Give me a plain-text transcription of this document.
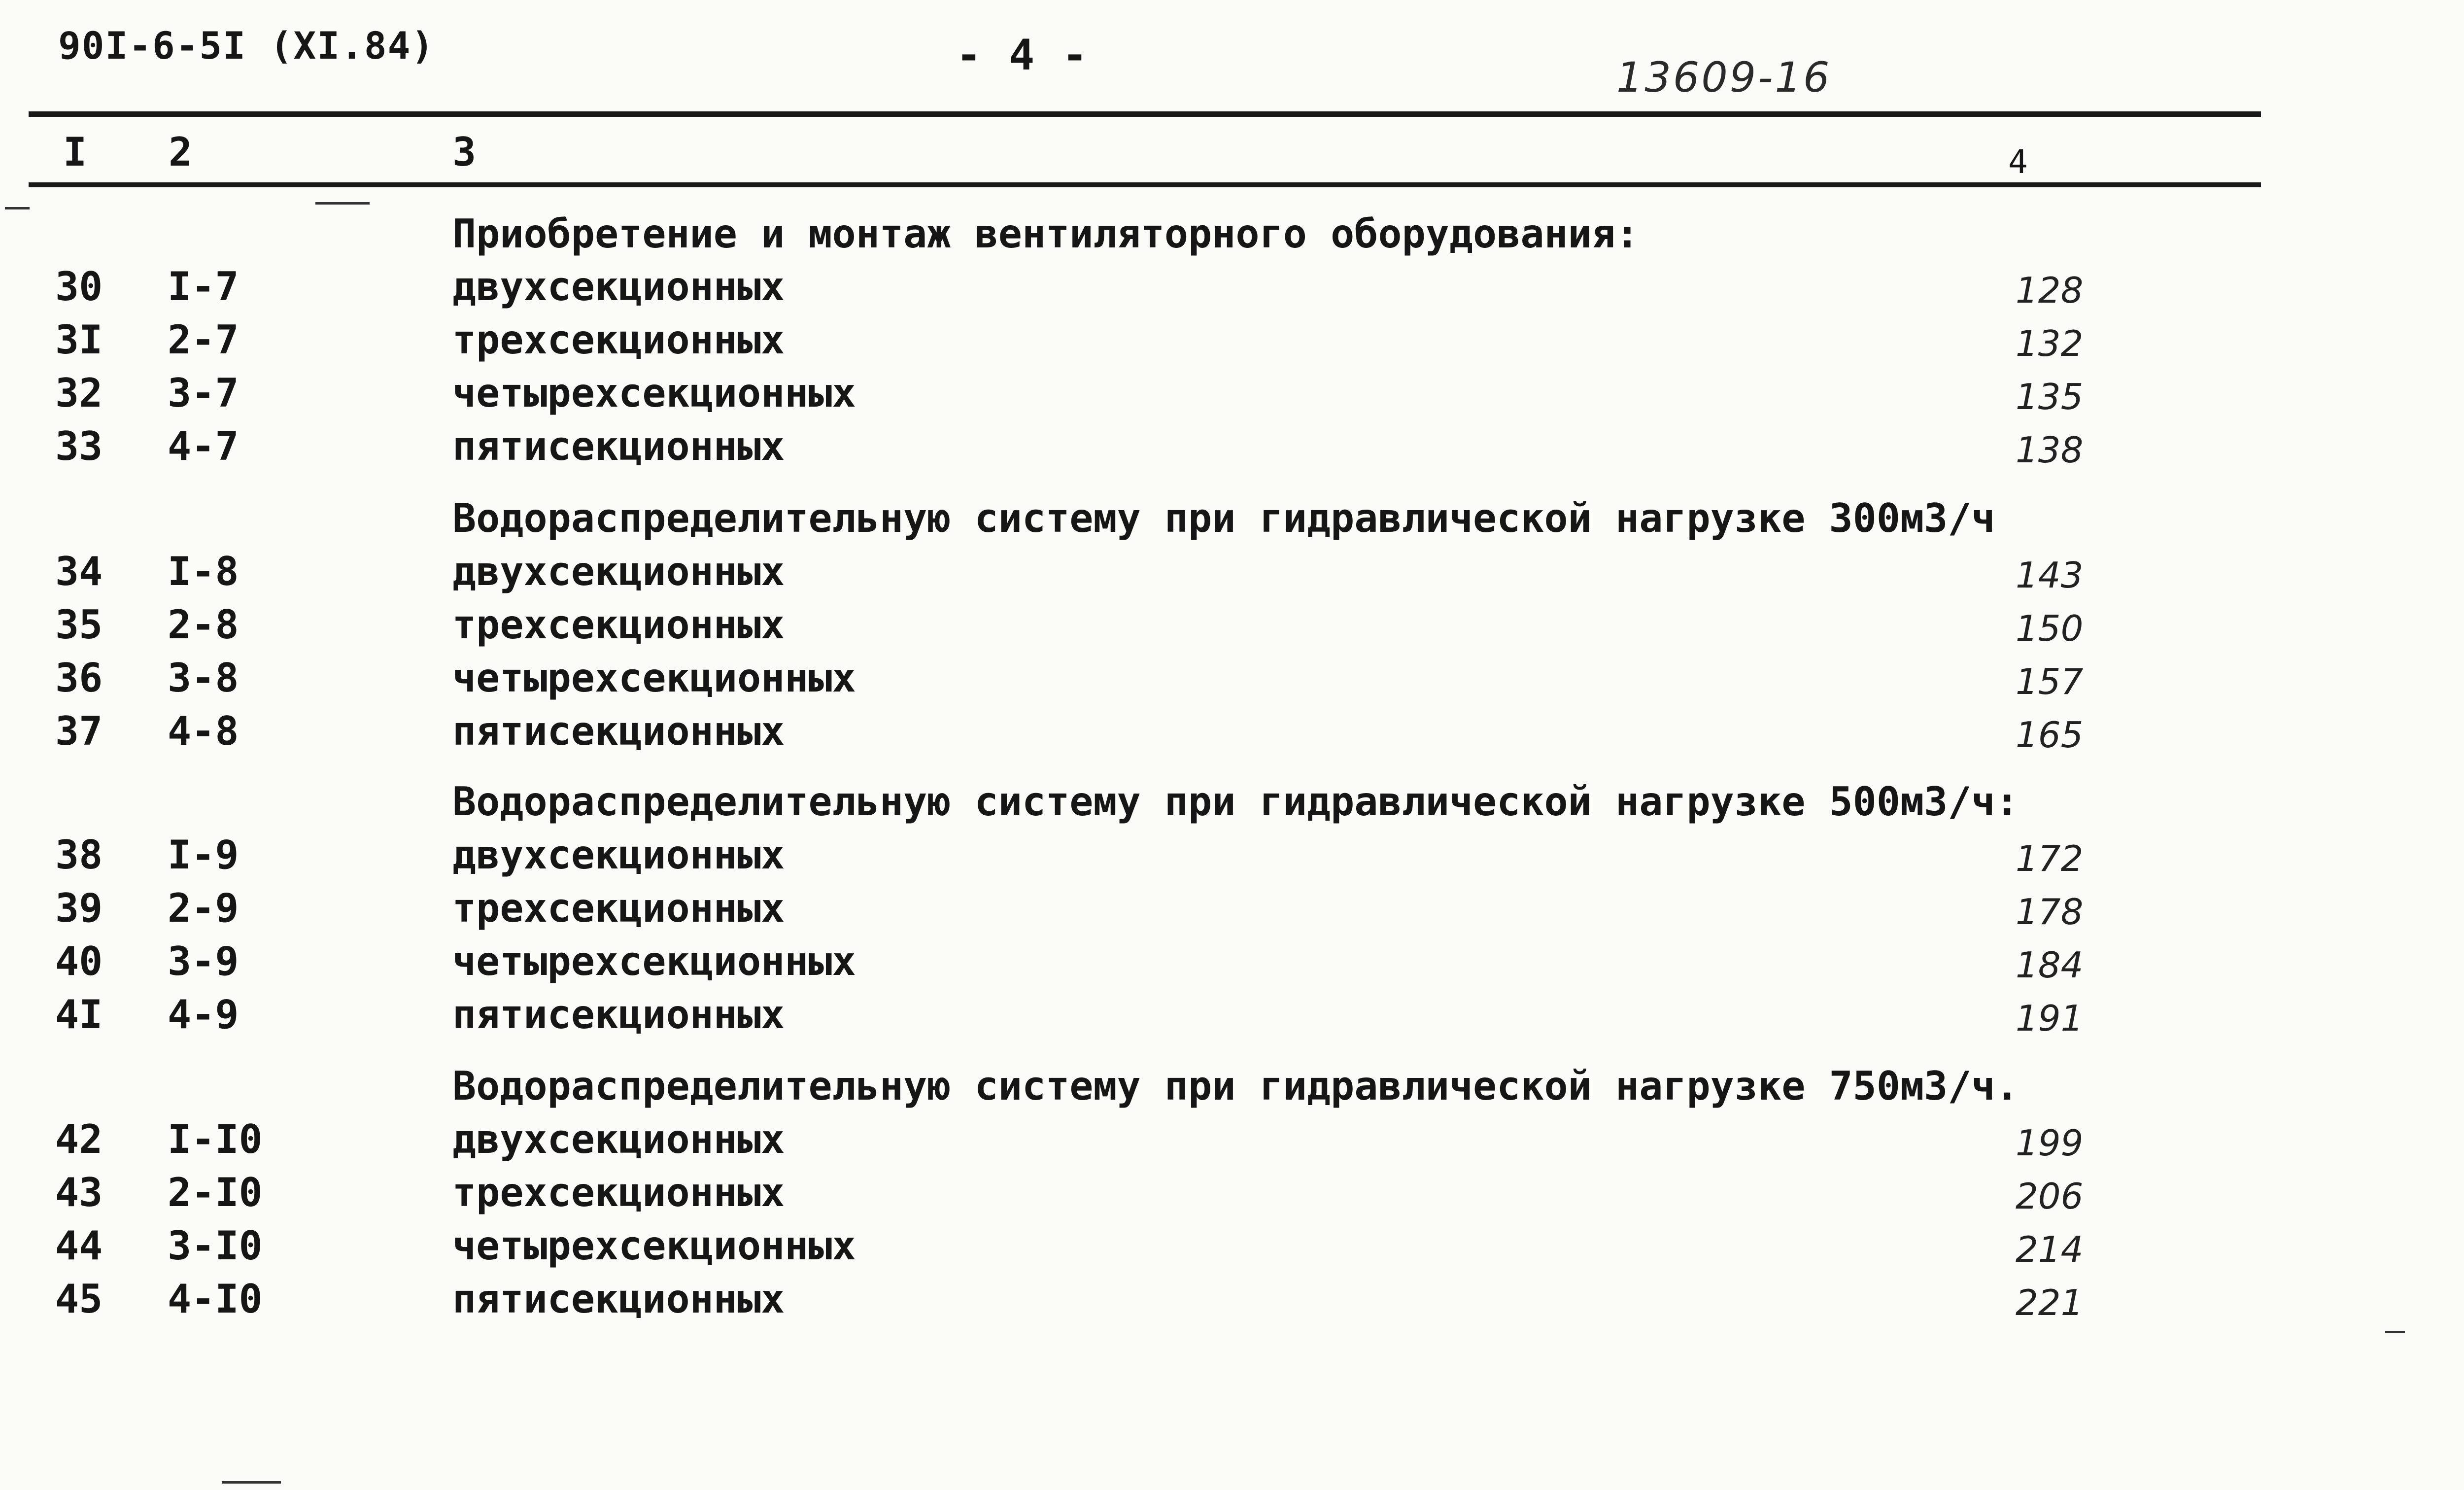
90I-6-5I (XI.84)	- 4 -	13609-16
I 2	3	4
Приобретение и монтаж вентиляторного оборудования:
30 I-7	двухсекционных	128
3I 2-7	трехсекционных	132
32 3-7	четырехсекционных	135
33 4-7	пятисекционных	138
Водораспределительную систему при гидравлической нагрузке 300м3/ч
34 I-8	двухсекционных	143
35 2-8	трехсекционных	150
36 3-8	четырехсекционных	157
37 4-8	пятисекционных	165
Водораспределительную систему при гидравлической нагрузке 500м3/ч:
38 I-9	двухсекционных	172
39 2-9	трехсекционных	178
40 3-9	четырехсекционных	184
4I 4-9	пятисекционных	191
Водораспределительную систему при гидравлической нагрузке 750м3/ч.
42 I-I0	двухсекционных	199
43 2-I0	трехсекционных	206
44 3-I0	четырехсекционных	214
45 4-I0	пятисекционных	221
